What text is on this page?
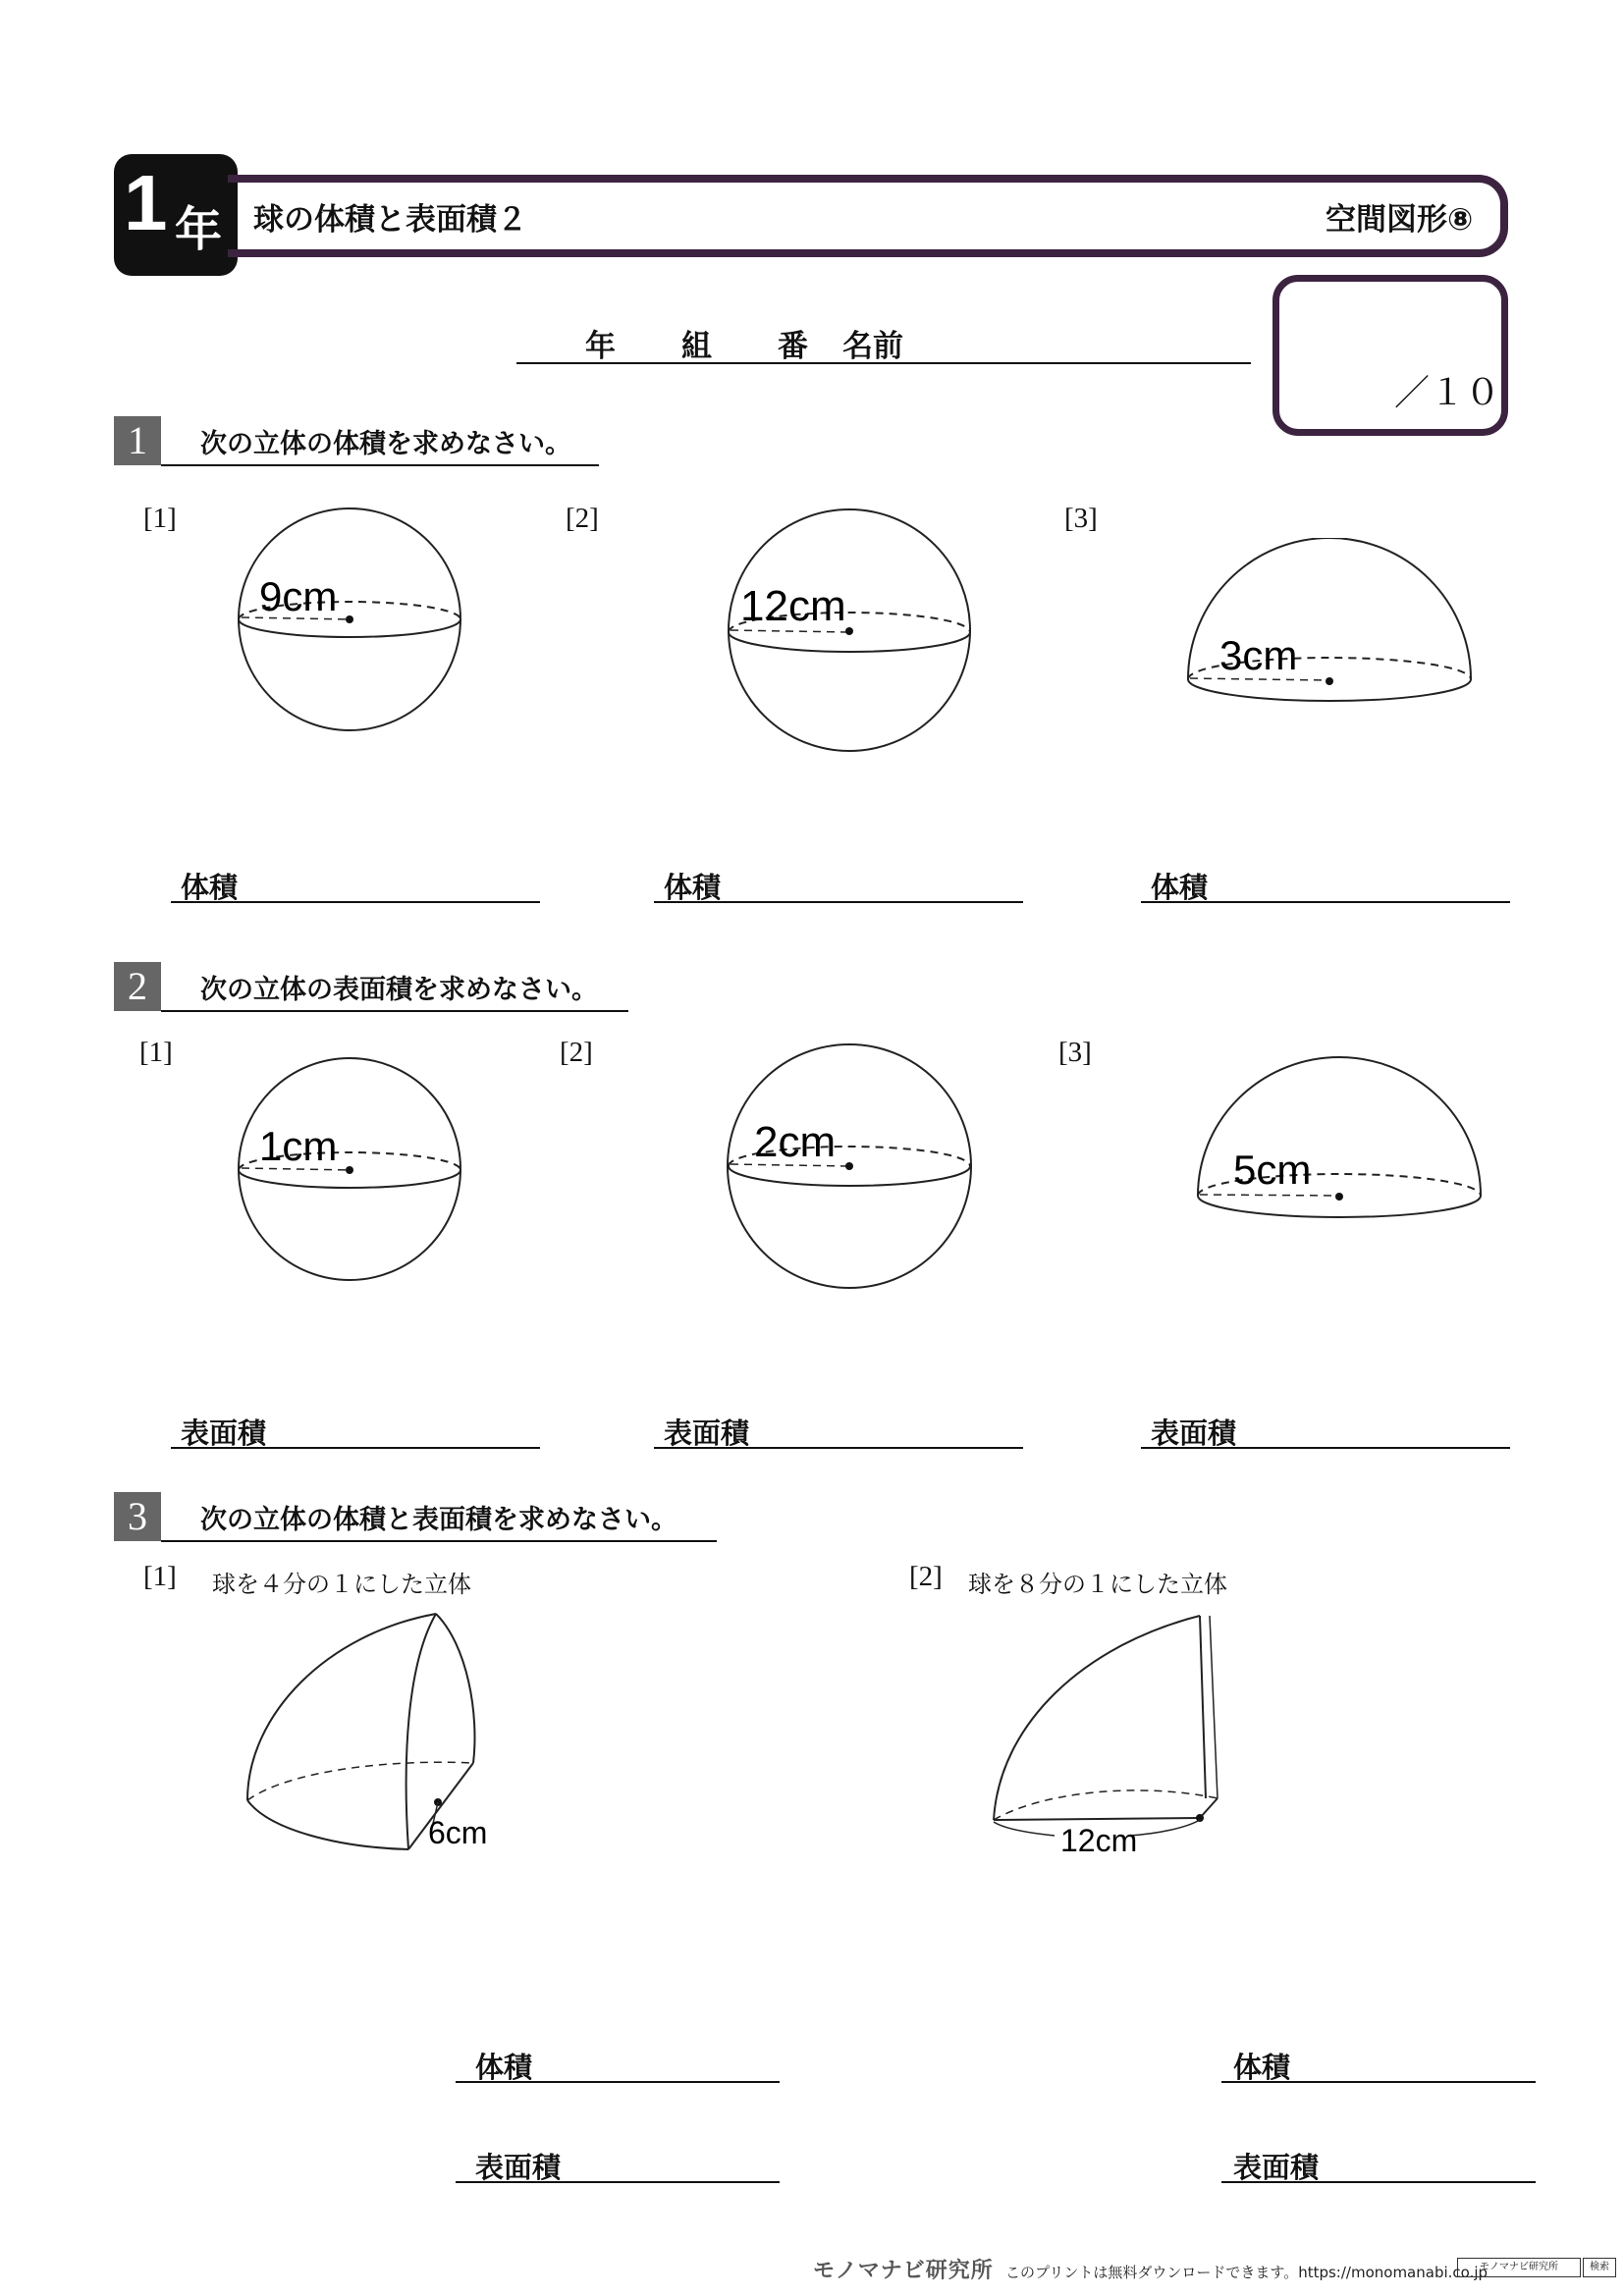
1 年 球の体積と表面積２	空間図形⑧
年 組 番 名前
／１０
1	次の立体の体積を求めなさい。
[1]	[2]	[3]
9cm	12cm
3cm
体積	体積	体積
2	次の立体の表面積を求めなさい。
[1]	[2]	[3]
1cm	2cm
5cm
表面積	表面積	表面積
3	次の立体の体積と表面積を求めなさい。
[1] 球を４分の１にした立体	[2] 球を８分の１にした立体
6cm	12cm
体積
表面積
体積
表面積
モノマナビ研究所 このプリントは無料ダウンロードできます。https://monomanabi.co.jp
モノマナビ研究所	検索
